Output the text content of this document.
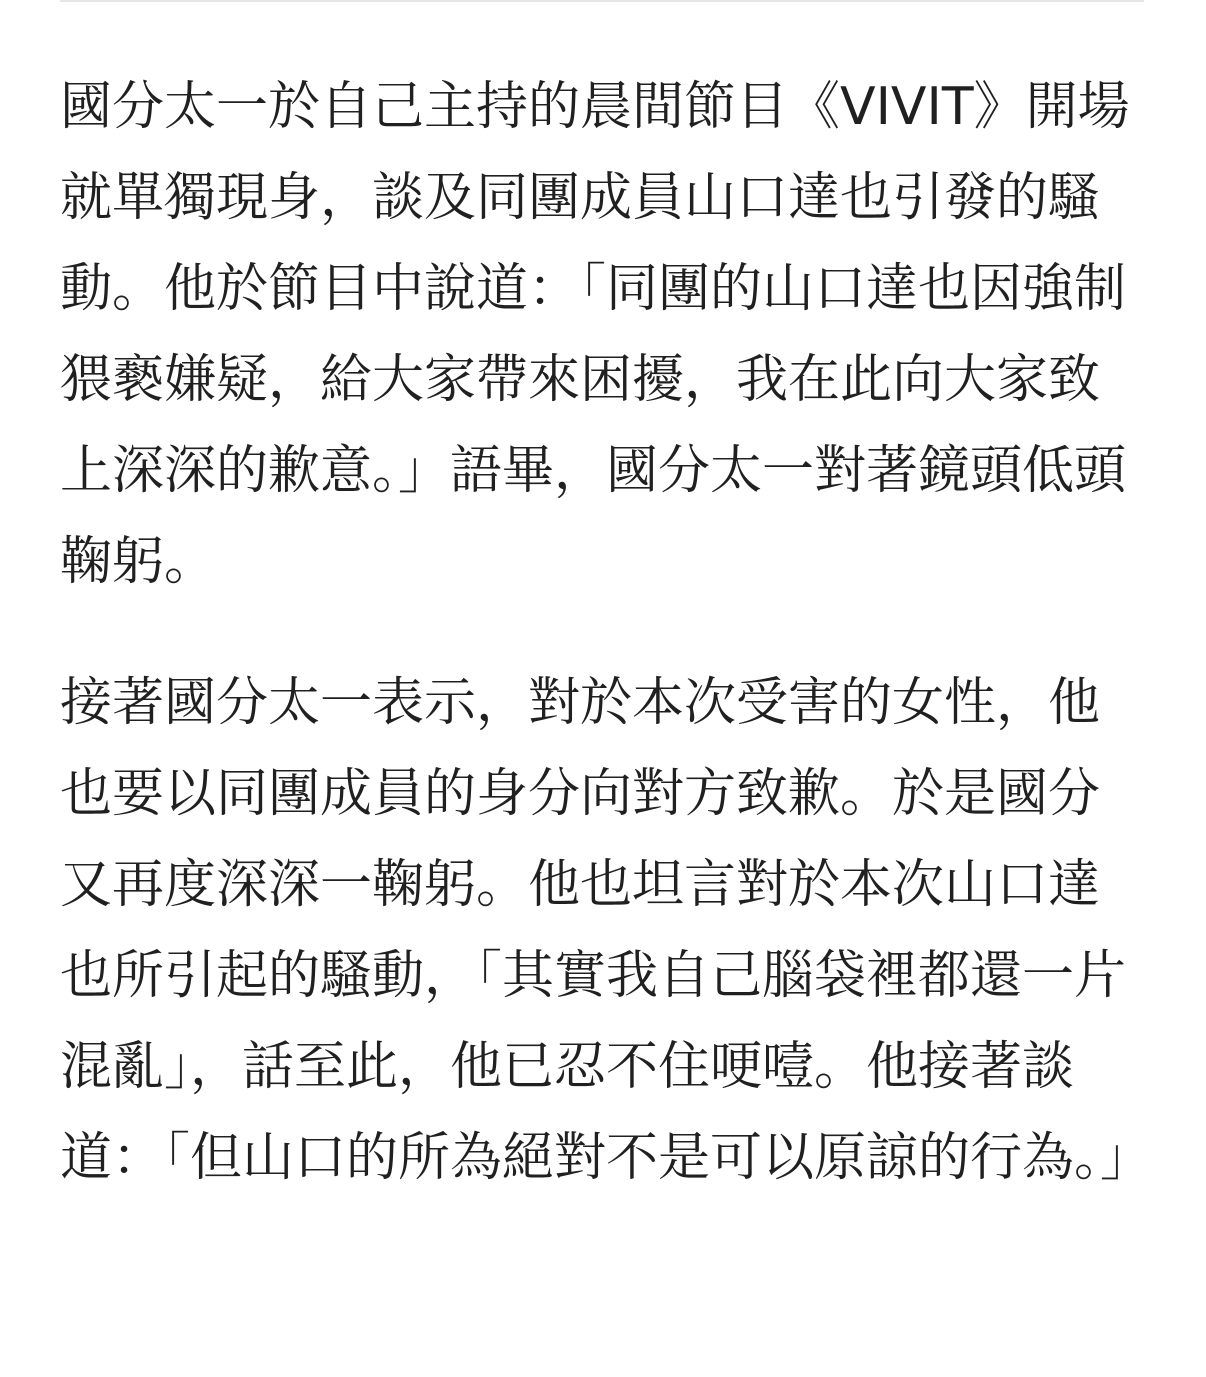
國分太一於自己主持的晨間節目《VIVIT》開場就單獨現身，談及同團成員山口達也引發的騷動。他於節目中說道：「同團的山口達也因強制猥褻嫌疑，給大家帶來困擾，我在此向大家致上深深的歉意。」語畢，國分太一對著鏡頭低頭鞠躬。

接著國分太一表示，對於本次受害的女性，他也要以同團成員的身分向對方致歉。於是國分又再度深深一鞠躬。他也坦言對於本次山口達也所引起的騷動，「其實我自己腦袋裡都還一片混亂」，話至此，他已忍不住哽噎。他接著談道：「但山口的所為絕對不是可以原諒的行為。」
